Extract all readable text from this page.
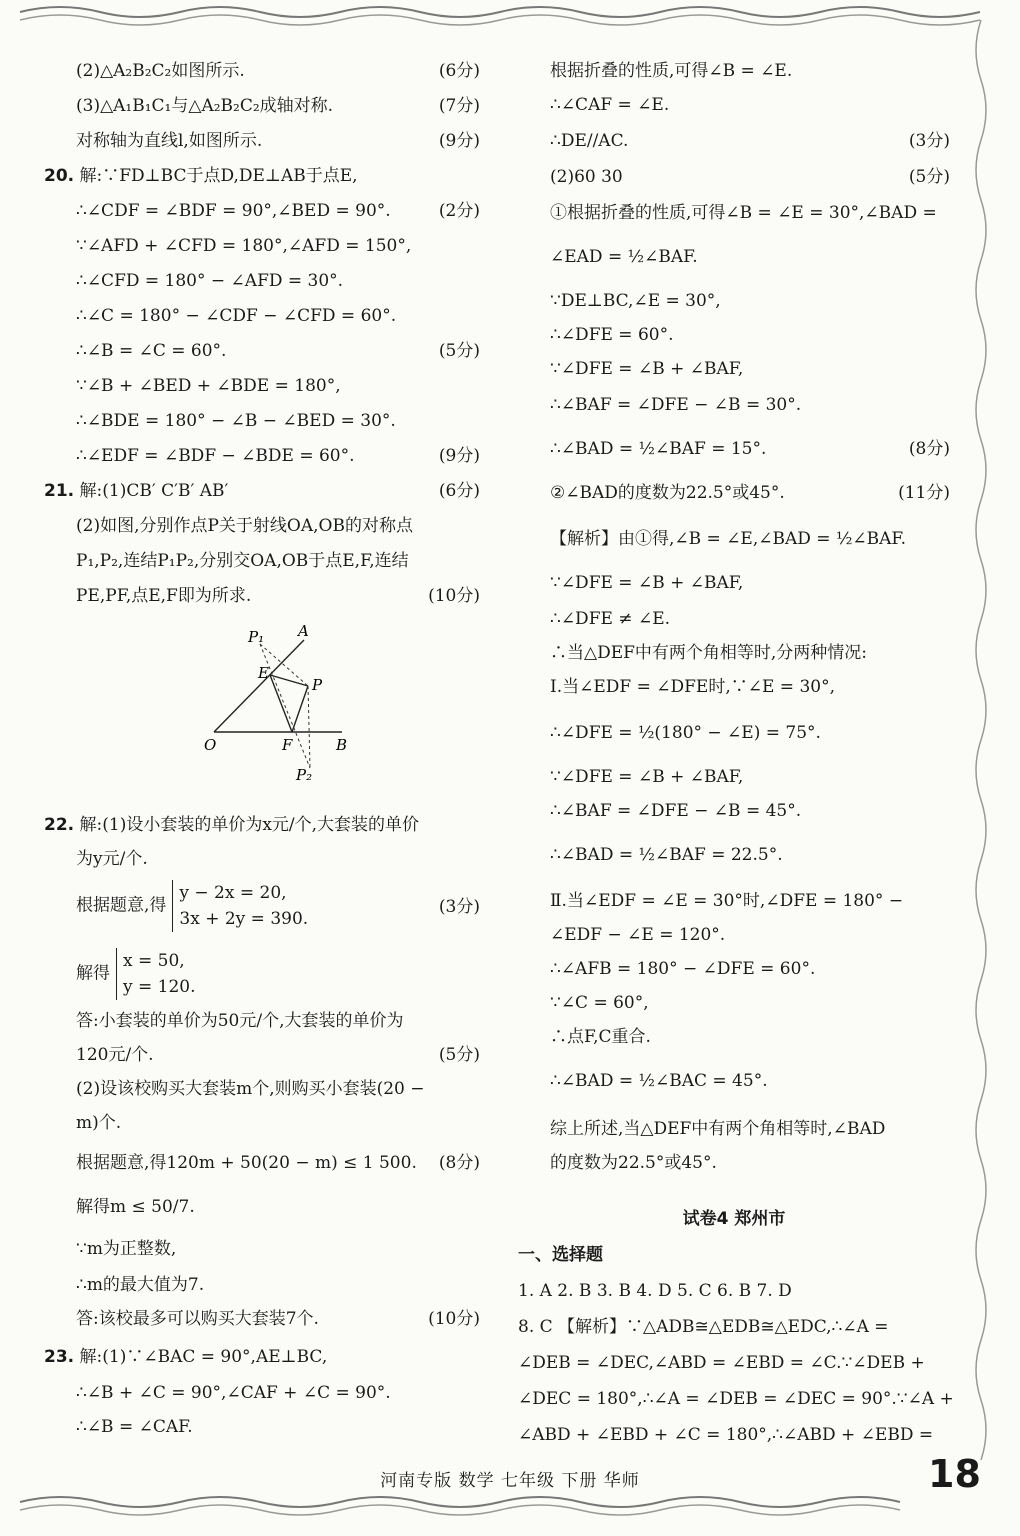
(2)△A₂B₂C₂如图所示.	(6分)
(3)△A₁B₁C₁与△A₂B₂C₂成轴对称.	(7分)
对称轴为直线l,如图所示.	(9分)
20. 解:∵FD⊥BC于点D,DE⊥AB于点E,
∴∠CDF = ∠BDF = 90°,∠BED = 90°.	(2分)
∵∠AFD + ∠CFD = 180°,∠AFD = 150°,
∴∠CFD = 180° − ∠AFD = 30°.
∴∠C = 180° − ∠CDF − ∠CFD = 60°.
∴∠B = ∠C = 60°.	(5分)
∵∠B + ∠BED + ∠BDE = 180°,
∴∠BDE = 180° − ∠B − ∠BED = 30°.
∴∠EDF = ∠BDF − ∠BDE = 60°.	(9分)
21. 解:(1)CB′ C′B′ AB′	(6分)
(2)如图,分别作点P关于射线OA,OB的对称点
P₁,P₂,连结P₁P₂,分别交OA,OB于点E,F,连结
PE,PF,点E,F即为所求.	(10分)
P₁ A
E
P
O	F	B
P₂
22. 解:(1)设小套装的单价为x元/个,大套装的单价
为y元/个.
根据题意,得
y − 2x = 20,
3x + 2y = 390.
(3分)
解得
x = 50,
y = 120.
答:小套装的单价为50元/个,大套装的单价为
120元/个.	(5分)
(2)设该校购买大套装m个,则购买小套装(20 −
m)个.
根据题意,得120m + 50(20 − m) ≤ 1 500. (8分)
解得m ≤ 50/7.
∵m为正整数,
∴m的最大值为7.
答:该校最多可以购买大套装7个.	(10分)
23. 解:(1)∵∠BAC = 90°,AE⊥BC,
∴∠B + ∠C = 90°,∠CAF + ∠C = 90°.
∴∠B = ∠CAF.
根据折叠的性质,可得∠B = ∠E.
∴∠CAF = ∠E.
∴DE//AC.	(3分)
(2)60 30	(5分)
①根据折叠的性质,可得∠B = ∠E = 30°,∠BAD =
∠EAD = ½∠BAF.
∵DE⊥BC,∠E = 30°,
∴∠DFE = 60°.
∵∠DFE = ∠B + ∠BAF,
∴∠BAF = ∠DFE − ∠B = 30°.
∴∠BAD = ½∠BAF = 15°.	(8分)
②∠BAD的度数为22.5°或45°.	(11分)
【解析】由①得,∠B = ∠E,∠BAD = ½∠BAF.
∵∠DFE = ∠B + ∠BAF,
∴∠DFE ≠ ∠E.
∴当△DEF中有两个角相等时,分两种情况:
Ⅰ.当∠EDF = ∠DFE时,∵∠E = 30°,
∴∠DFE = ½(180° − ∠E) = 75°.
∵∠DFE = ∠B + ∠BAF,
∴∠BAF = ∠DFE − ∠B = 45°.
∴∠BAD = ½∠BAF = 22.5°.
Ⅱ.当∠EDF = ∠E = 30°时,∠DFE = 180° −
∠EDF − ∠E = 120°.
∴∠AFB = 180° − ∠DFE = 60°.
∵∠C = 60°,
∴点F,C重合.
∴∠BAD = ½∠BAC = 45°.
综上所述,当△DEF中有两个角相等时,∠BAD
的度数为22.5°或45°.
试卷4 郑州市
一、选择题
1. A 2. B 3. B 4. D 5. C 6. B 7. D
8. C 【解析】∵△ADB≅△EDB≅△EDC,∴∠A =
∠DEB = ∠DEC,∠ABD = ∠EBD = ∠C.∵∠DEB +
∠DEC = 180°,∴∠A = ∠DEB = ∠DEC = 90°.∵∠A +
∠ABD + ∠EBD + ∠C = 180°,∴∠ABD + ∠EBD =
河南专版 数学 七年级 下册 华师	18
